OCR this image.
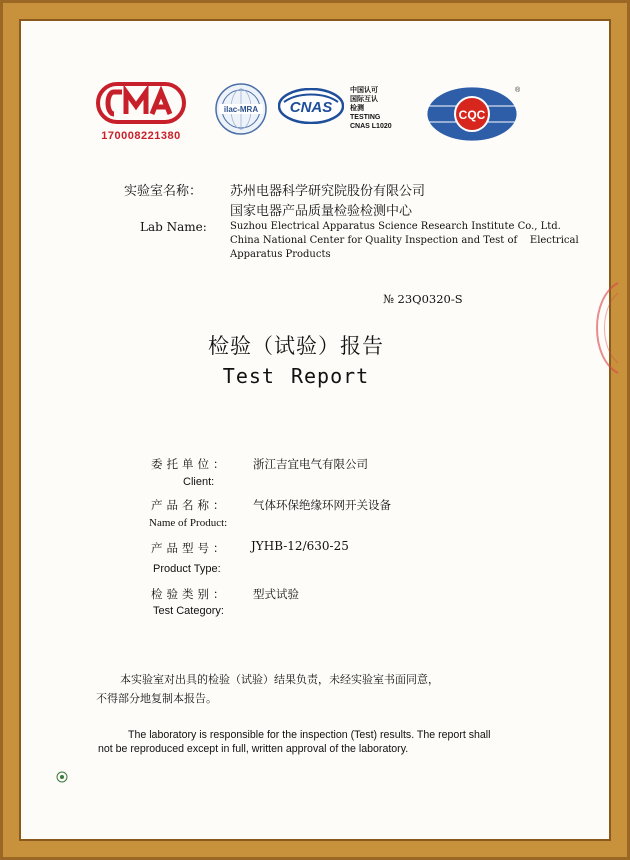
170008221380
ilac-MRA CNAS
中国认可
国际互认
检测
TESTING
CNAS L1020
CQC
®
实验室名称： 苏州电器科学研究院股份有限公司
国家电器产品质量检验检测中心
Lab Name: Suzhou Electrical Apparatus Science Research Institute Co., Ltd.
China National Center for Quality Inspection and Test of    Electrical
Apparatus Products
№ 23Q0320-S
检验（试验）报告
Test Report
委托单位： 浙江吉宜电气有限公司
Client:
产品名称： 气体环保绝缘环网开关设备
Name of Product:
产品型号： JYHB-12/630-25
Product Type:
检验类别： 型式试验
Test Category:
本实验室对出具的检验（试验）结果负责，未经实验室书面同意，
不得部分地复制本报告。
The laboratory is responsible for the inspection (Test) results. The report shall
not be reproduced except in full, written approval of the laboratory.
